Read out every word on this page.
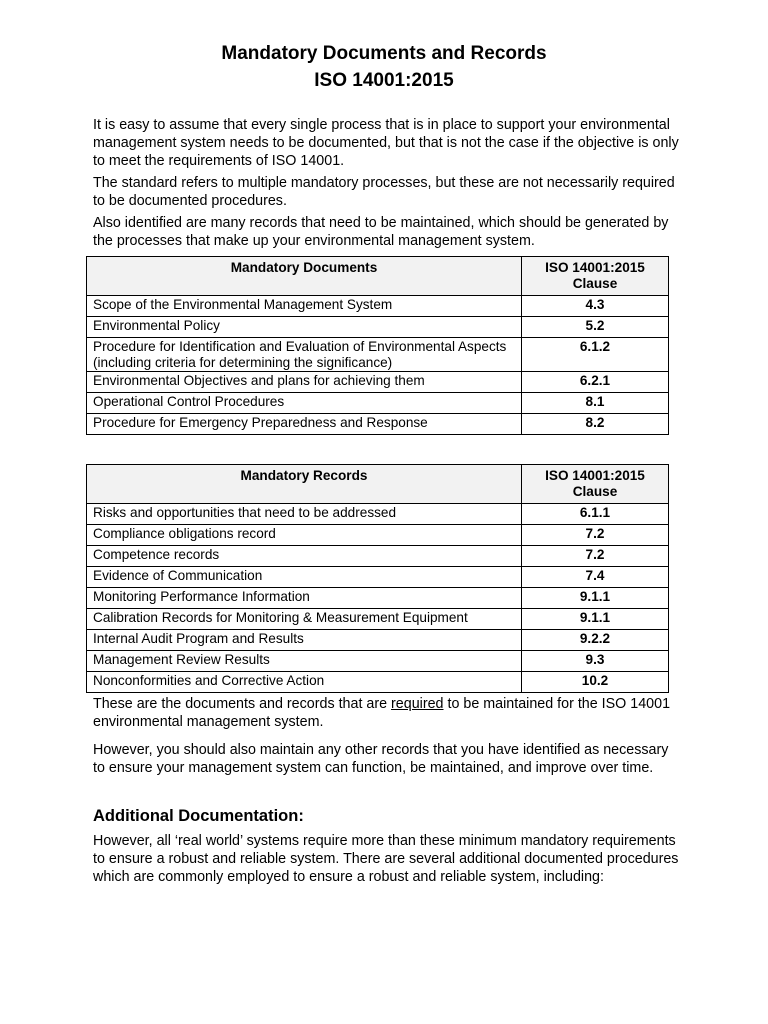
Mandatory Documents and Records
ISO 14001:2015

It is easy to assume that every single process that is in place to support your environmental management system needs to be documented, but that is not the case if the objective is only to meet the requirements of ISO 14001.

The standard refers to multiple mandatory processes, but these are not necessarily required to be documented procedures.

Also identified are many records that need to be maintained, which should be generated by the processes that make up your environmental management system.

Mandatory Documents	ISO 14001:2015
Clause

Scope of the Environmental Management System	4.3
Environmental Policy	5.2
Procedure for Identification and Evaluation of Environmental Aspects (including criteria for determining the significance)	6.1.2
Environmental Objectives and plans for achieving them	6.2.1
Operational Control Procedures	8.1
Procedure for Emergency Preparedness and Response	8.2
Mandatory Records	ISO 14001:2015
Clause

Risks and opportunities that need to be addressed	6.1.1
Compliance obligations record	7.2
Competence records	7.2
Evidence of Communication	7.4
Monitoring Performance Information	9.1.1
Calibration Records for Monitoring & Measurement Equipment	9.1.1
Internal Audit Program and Results	9.2.2
Management Review Results	9.3
Nonconformities and Corrective Action	10.2

These are the documents and records that are required to be maintained for the ISO 14001 environmental management system.

However, you should also maintain any other records that you have identified as necessary to ensure your management system can function, be maintained, and improve over time.

Additional Documentation:

However, all ‘real world’ systems require more than these minimum mandatory requirements to ensure a robust and reliable system. There are several additional documented procedures which are commonly employed to ensure a robust and reliable system, including:
